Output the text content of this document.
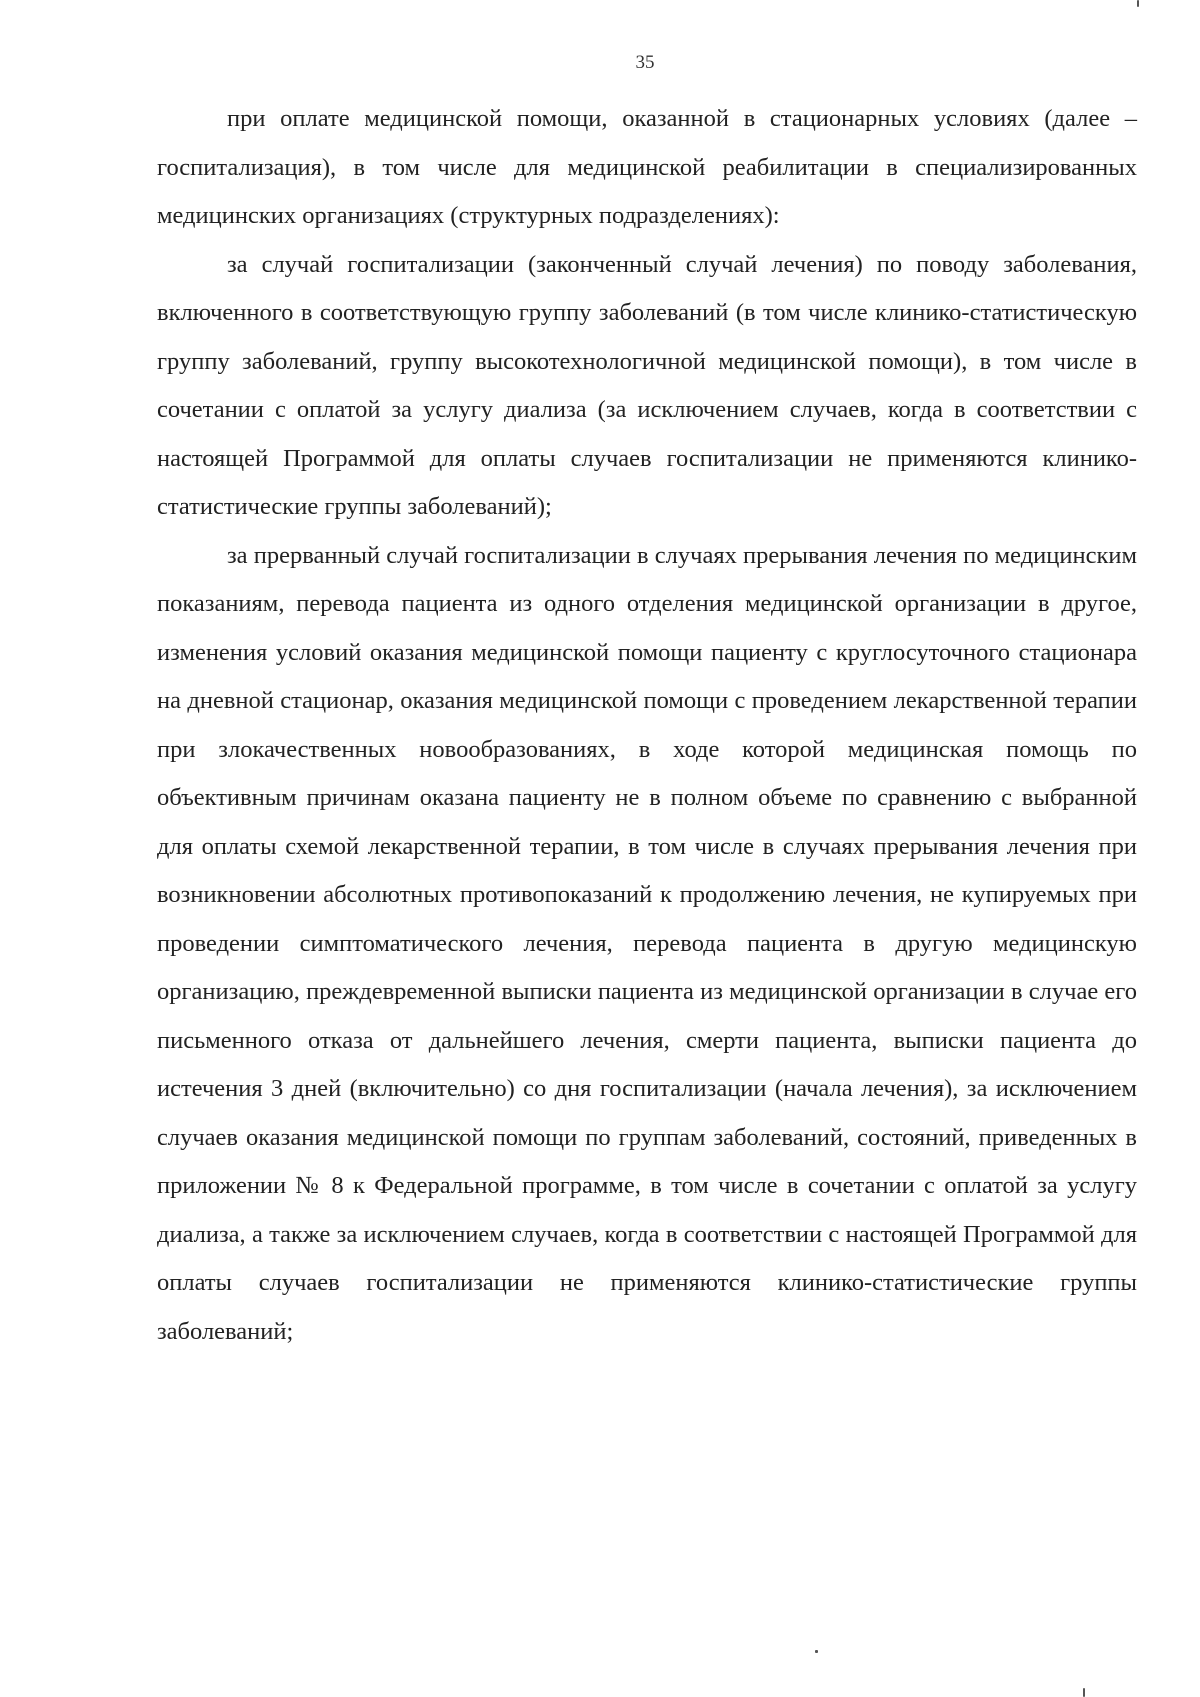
35

при оплате медицинской помощи, оказанной в стационарных условиях (далее – госпитализация), в том числе для медицинской реабилитации в специализированных медицинских организациях (структурных подразделениях):

за случай госпитализации (законченный случай лечения) по поводу заболевания, включенного в соответствующую группу заболеваний (в том числе клинико-статистическую группу заболеваний, группу высокотехнологичной медицинской помощи), в том числе в сочетании с оплатой за услугу диализа (за исключением случаев, когда в соответствии с настоящей Программой для оплаты случаев госпитализации не применяются клинико-статистические группы заболеваний);

за прерванный случай госпитализации в случаях прерывания лечения по медицинским показаниям, перевода пациента из одного отделения медицинской организации в другое, изменения условий оказания медицинской помощи пациенту с круглосуточного стационара на дневной стационар, оказания медицинской помощи с проведением лекарственной терапии при злокачественных новообразованиях, в ходе которой медицинская помощь по объективным причинам оказана пациенту не в полном объеме по сравнению с выбранной для оплаты схемой лекарственной терапии, в том числе в случаях прерывания лечения при возникновении абсолютных противопоказаний к продолжению лечения, не купируемых при проведении симптоматического лечения, перевода пациента в другую медицинскую организацию, преждевременной выписки пациента из медицинской организации в случае его письменного отказа от дальнейшего лечения, смерти пациента, выписки пациента до истечения 3 дней (включительно) со дня госпитализации (начала лечения), за исключением случаев оказания медицинской помощи по группам заболеваний, состояний, приведенных в приложении № 8 к Федеральной программе, в том числе в сочетании с оплатой за услугу диализа, а также за исключением случаев, когда в соответствии с настоящей Программой для оплаты случаев госпитализации не применяются клинико-статистические группы заболеваний;
